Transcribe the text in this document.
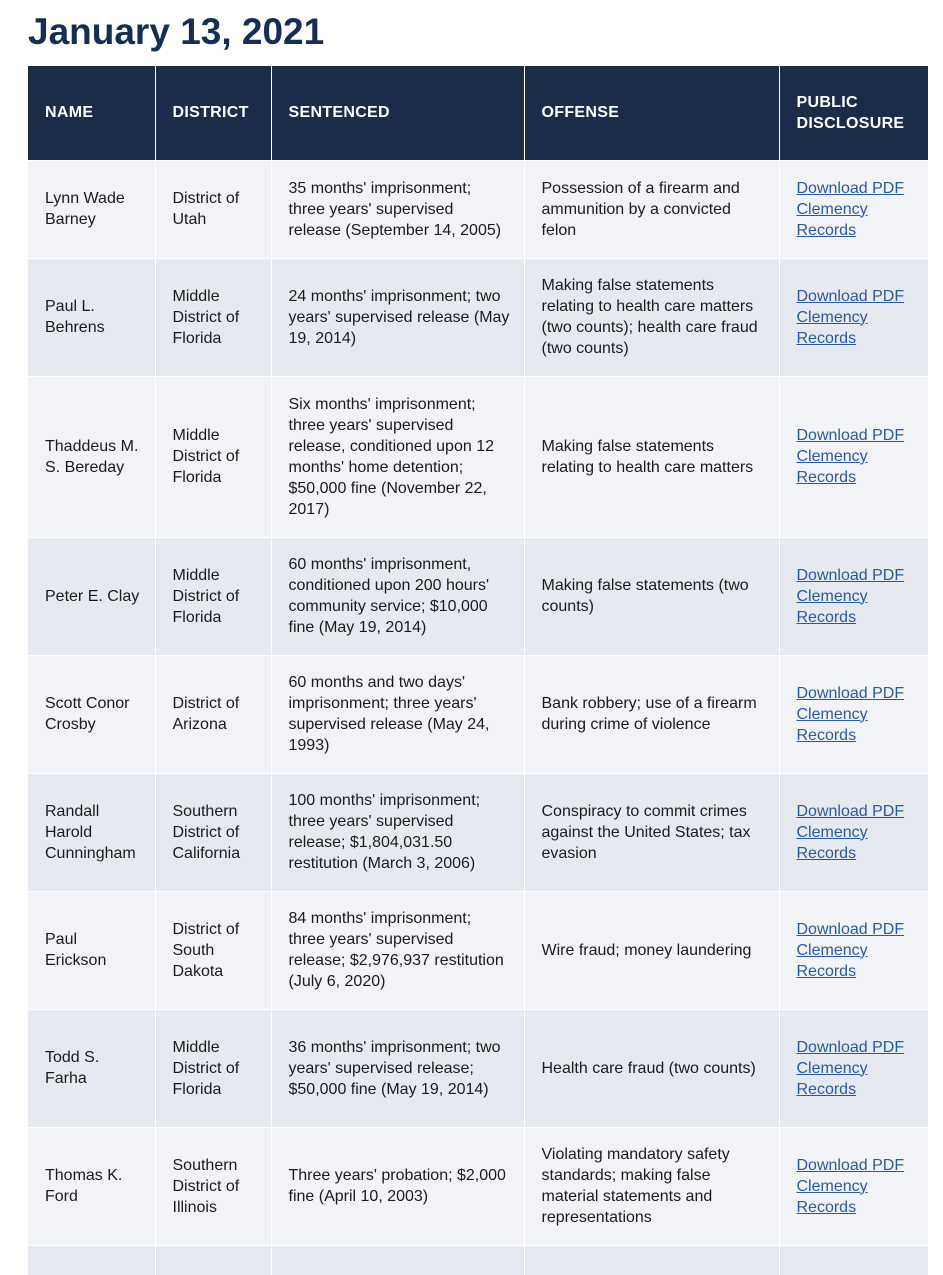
January 13, 2021
NAME	DISTRICT	SENTENCED	OFFENSE	PUBLIC DISCLOSURE
Lynn Wade Barney	District of Utah	35 months' imprisonment; three years' supervised release (September 14, 2005)	Possession of a firearm and ammunition by a convicted felon	Download PDF Clemency Records
Paul L. Behrens	Middle District of Florida	24 months' imprisonment; two years' supervised release (May 19, 2014)	Making false statements relating to health care matters (two counts); health care fraud (two counts)	Download PDF Clemency Records
Thaddeus M. S. Bereday	Middle District of Florida	Six months' imprisonment; three years' supervised release, conditioned upon 12 months' home detention; $50,000 fine (November 22, 2017)	Making false statements relating to health care matters	Download PDF Clemency Records
Peter E. Clay	Middle District of Florida	60 months' imprisonment, conditioned upon 200 hours' community service; $10,000 fine (May 19, 2014)	Making false statements (two counts)	Download PDF Clemency Records
Scott Conor Crosby	District of Arizona	60 months and two days' imprisonment; three years' supervised release (May 24, 1993)	Bank robbery; use of a firearm during crime of violence	Download PDF Clemency Records
Randall Harold Cunningham	Southern District of California	100 months' imprisonment; three years' supervised release; $1,804,031.50 restitution (March 3, 2006)	Conspiracy to commit crimes against the United States; tax evasion	Download PDF Clemency Records
Paul Erickson	District of South Dakota	84 months' imprisonment; three years' supervised release; $2,976,937 restitution (July 6, 2020)	Wire fraud; money laundering	Download PDF Clemency Records
Todd S. Farha	Middle District of Florida	36 months' imprisonment; two years' supervised release; $50,000 fine (May 19, 2014)	Health care fraud (two counts)	Download PDF Clemency Records
Thomas K. Ford	Southern District of Illinois	Three years' probation; $2,000 fine (April 10, 2003)	Violating mandatory safety standards; making false material statements and representations	Download PDF Clemency Records
